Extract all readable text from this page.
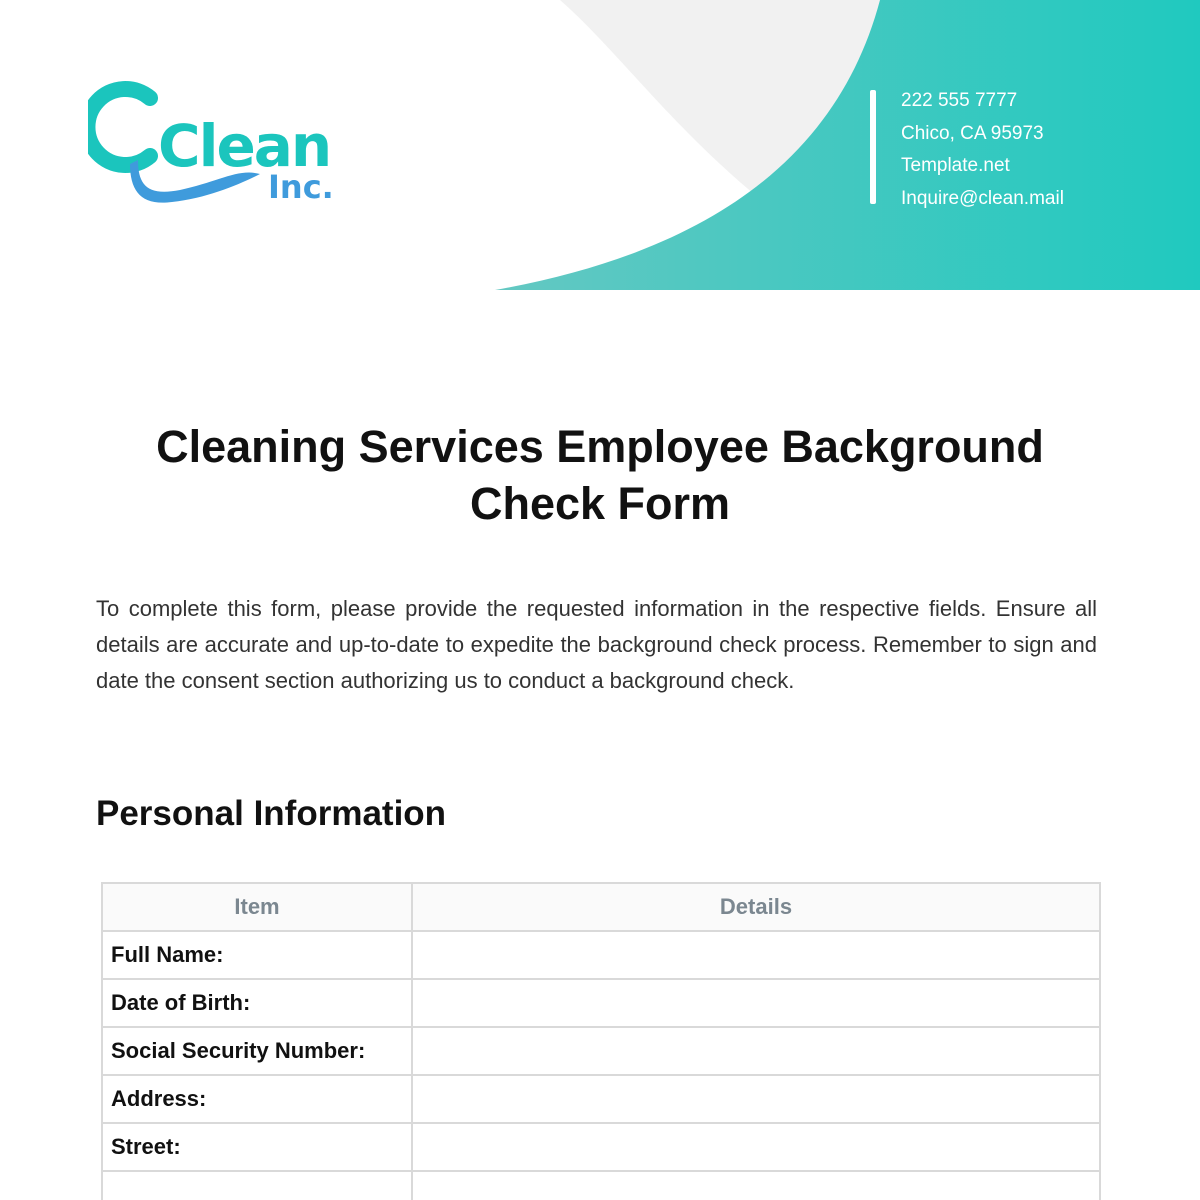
Clean
Inc.
222 555 7777
Chico, CA 95973
Template.net
Inquire@clean.mail
Cleaning Services Employee Background
Check Form
To complete this form, please provide the requested information in the respective fields. Ensure all details are accurate and up-to-date to expedite the background check process. Remember to sign and date the consent section authorizing us to conduct a background check.
Personal Information
Item	Details
Full Name:	
Date of Birth:	
Social Security Number:	
Address:	
Street:	
